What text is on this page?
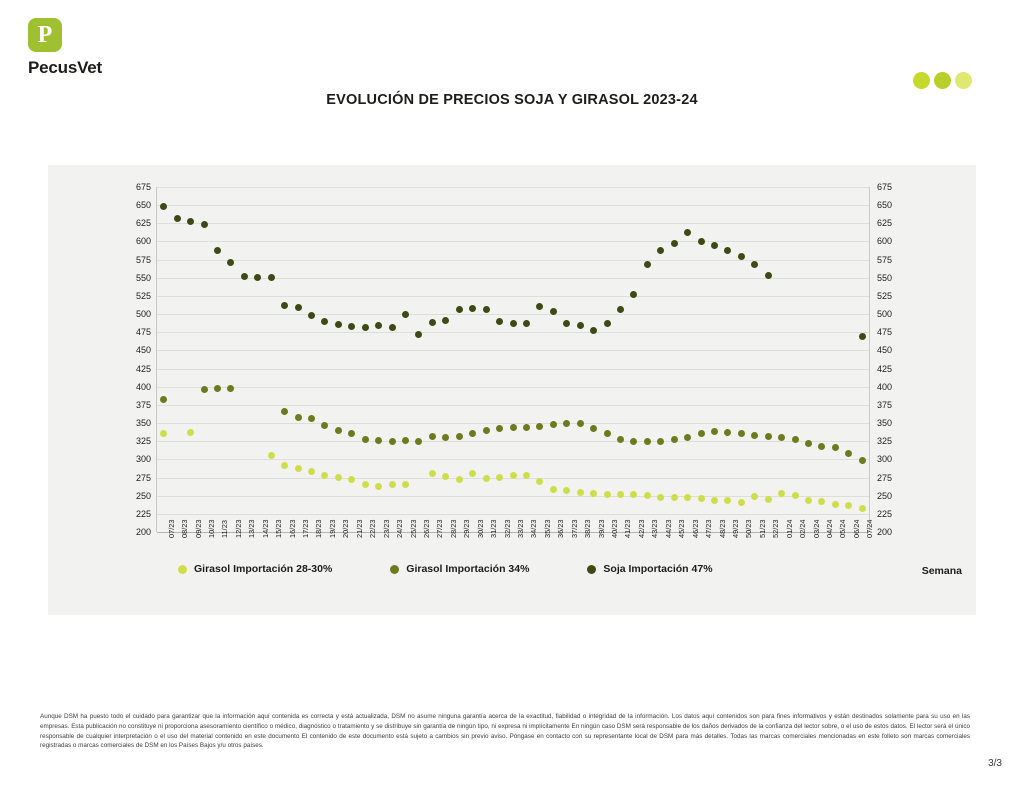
P
PecusVet
EVOLUCIÓN DE PRECIOS SOJA Y GIRASOL 2023-24
200	200
225	225
250	250
275	275
300	300
325	325
350	350
375	375
400	400
425	425
450	450
475	475
500	500
525	525
550	550
575	575
600	600
625	625
650	650
675	675
07/23 08/23 09/23 10/23 11/23 12/23 13/23 14/23 15/23 16/23 17/23 18/23 19/23 20/23 21/23 22/23 23/23 24/23 25/23 26/23 27/23 28/23 29/23 30/23 31/23 32/23 33/23 34/23 35/23 36/23 37/23 38/23 39/23 40/23 41/23 42/23 43/23 44/23 45/23 46/23 47/23 48/23 49/23 50/23 51/23 52/23 01/24 02/24 03/24 04/24 05/24 06/24 07/24
Semana
Girasol Importación 28-30%	Girasol Importación 34%	Soja Importación 47%
Aunque DSM ha puesto todo el cuidado para garantizar que la información aquí contenida es correcta y está actualizada, DSM no asume ninguna garantía acerca de la exactitud, fiabilidad o integridad de la información. Los datos aquí contenidos son para fines informativos y están destinados solamente para su uso en las empresas. Esta publicación no constituye ni proporciona asesoramiento científico o médico, diagnóstico o tratamiento y se distribuye sin garantía de ningún tipo, ni expresa ni implícitamente En ningún caso DSM será responsable de los daños derivados de la confianza del lector sobre, o el uso de estos datos. El lector será el único responsable de cualquier interpretación o el uso del material contenido en este documento El contenido de este documento está sujeto a cambios sin previo aviso. Póngase en contacto con su representante local de DSM para más detalles. Todas las marcas comerciales mencionadas en este folleto son marcas comerciales registradas o marcas comerciales de DSM en los Países Bajos y/u otros países.
3/3
